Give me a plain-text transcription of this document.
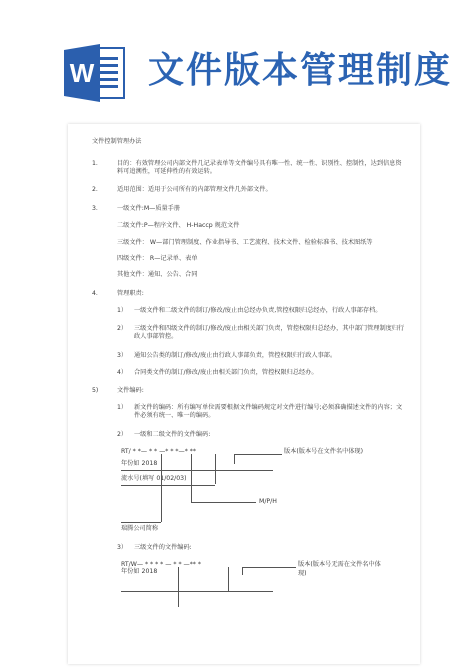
W 文件版本管理制度
文件控制管理办法
1.	目的：有效管理公司内部文件几记录表单等文件编号具有唯一性、统一性、识别性、控制性，达到信息资料可追溯性，可延伸性的有效运转。
2.	适用范围：适用于公司所有的内部管理文件几外部文件。
3.	一级文件:M—质量手册
二级文件:P—程序文件、 H-Haccp 规范文件
三级文件： W—部门管理制度、作业指导书、工艺流程、技术文件、检验标准书、技术图纸等
四级文件： R—记录单、表单
其他文件：通知、公告、合同
4.	管理职责:
1） 一级文件和二级文件的制订/修改/废止由总经办负责,管控权限归总经办，行政人事部存档。
2） 三级文件和四级文件的制订/修改/废止由相关部门负责，管控权限归总经办，其中部门管理制度归行政人事部管控。
3） 通知公告类的制订/修改/废止由行政人事部负责，管控权限归行政人事部。
4） 合同类文件的制订/修改/废止由相关部门负责，管控权限归总经办。
5)	文件编码:
1） 新文件的编码：所有编写单位需要根据文件编码规定对文件进行编号;必须准确描述文件的内容；文件必须有统一、唯一的编码。
2） 一级和二级文件的文件编码:
RT/ * *— * * —* * *—* **	版本(版本号在文件名中体现)
年份如 2018
流水号(填写 01/02/03)
M/P/H
瑞腾公司简称
3） 三级文件的文件编码:
RT/W— * * * * — * * —** *	版本(版本号无需在文件名中体
现)
年份如 2018
